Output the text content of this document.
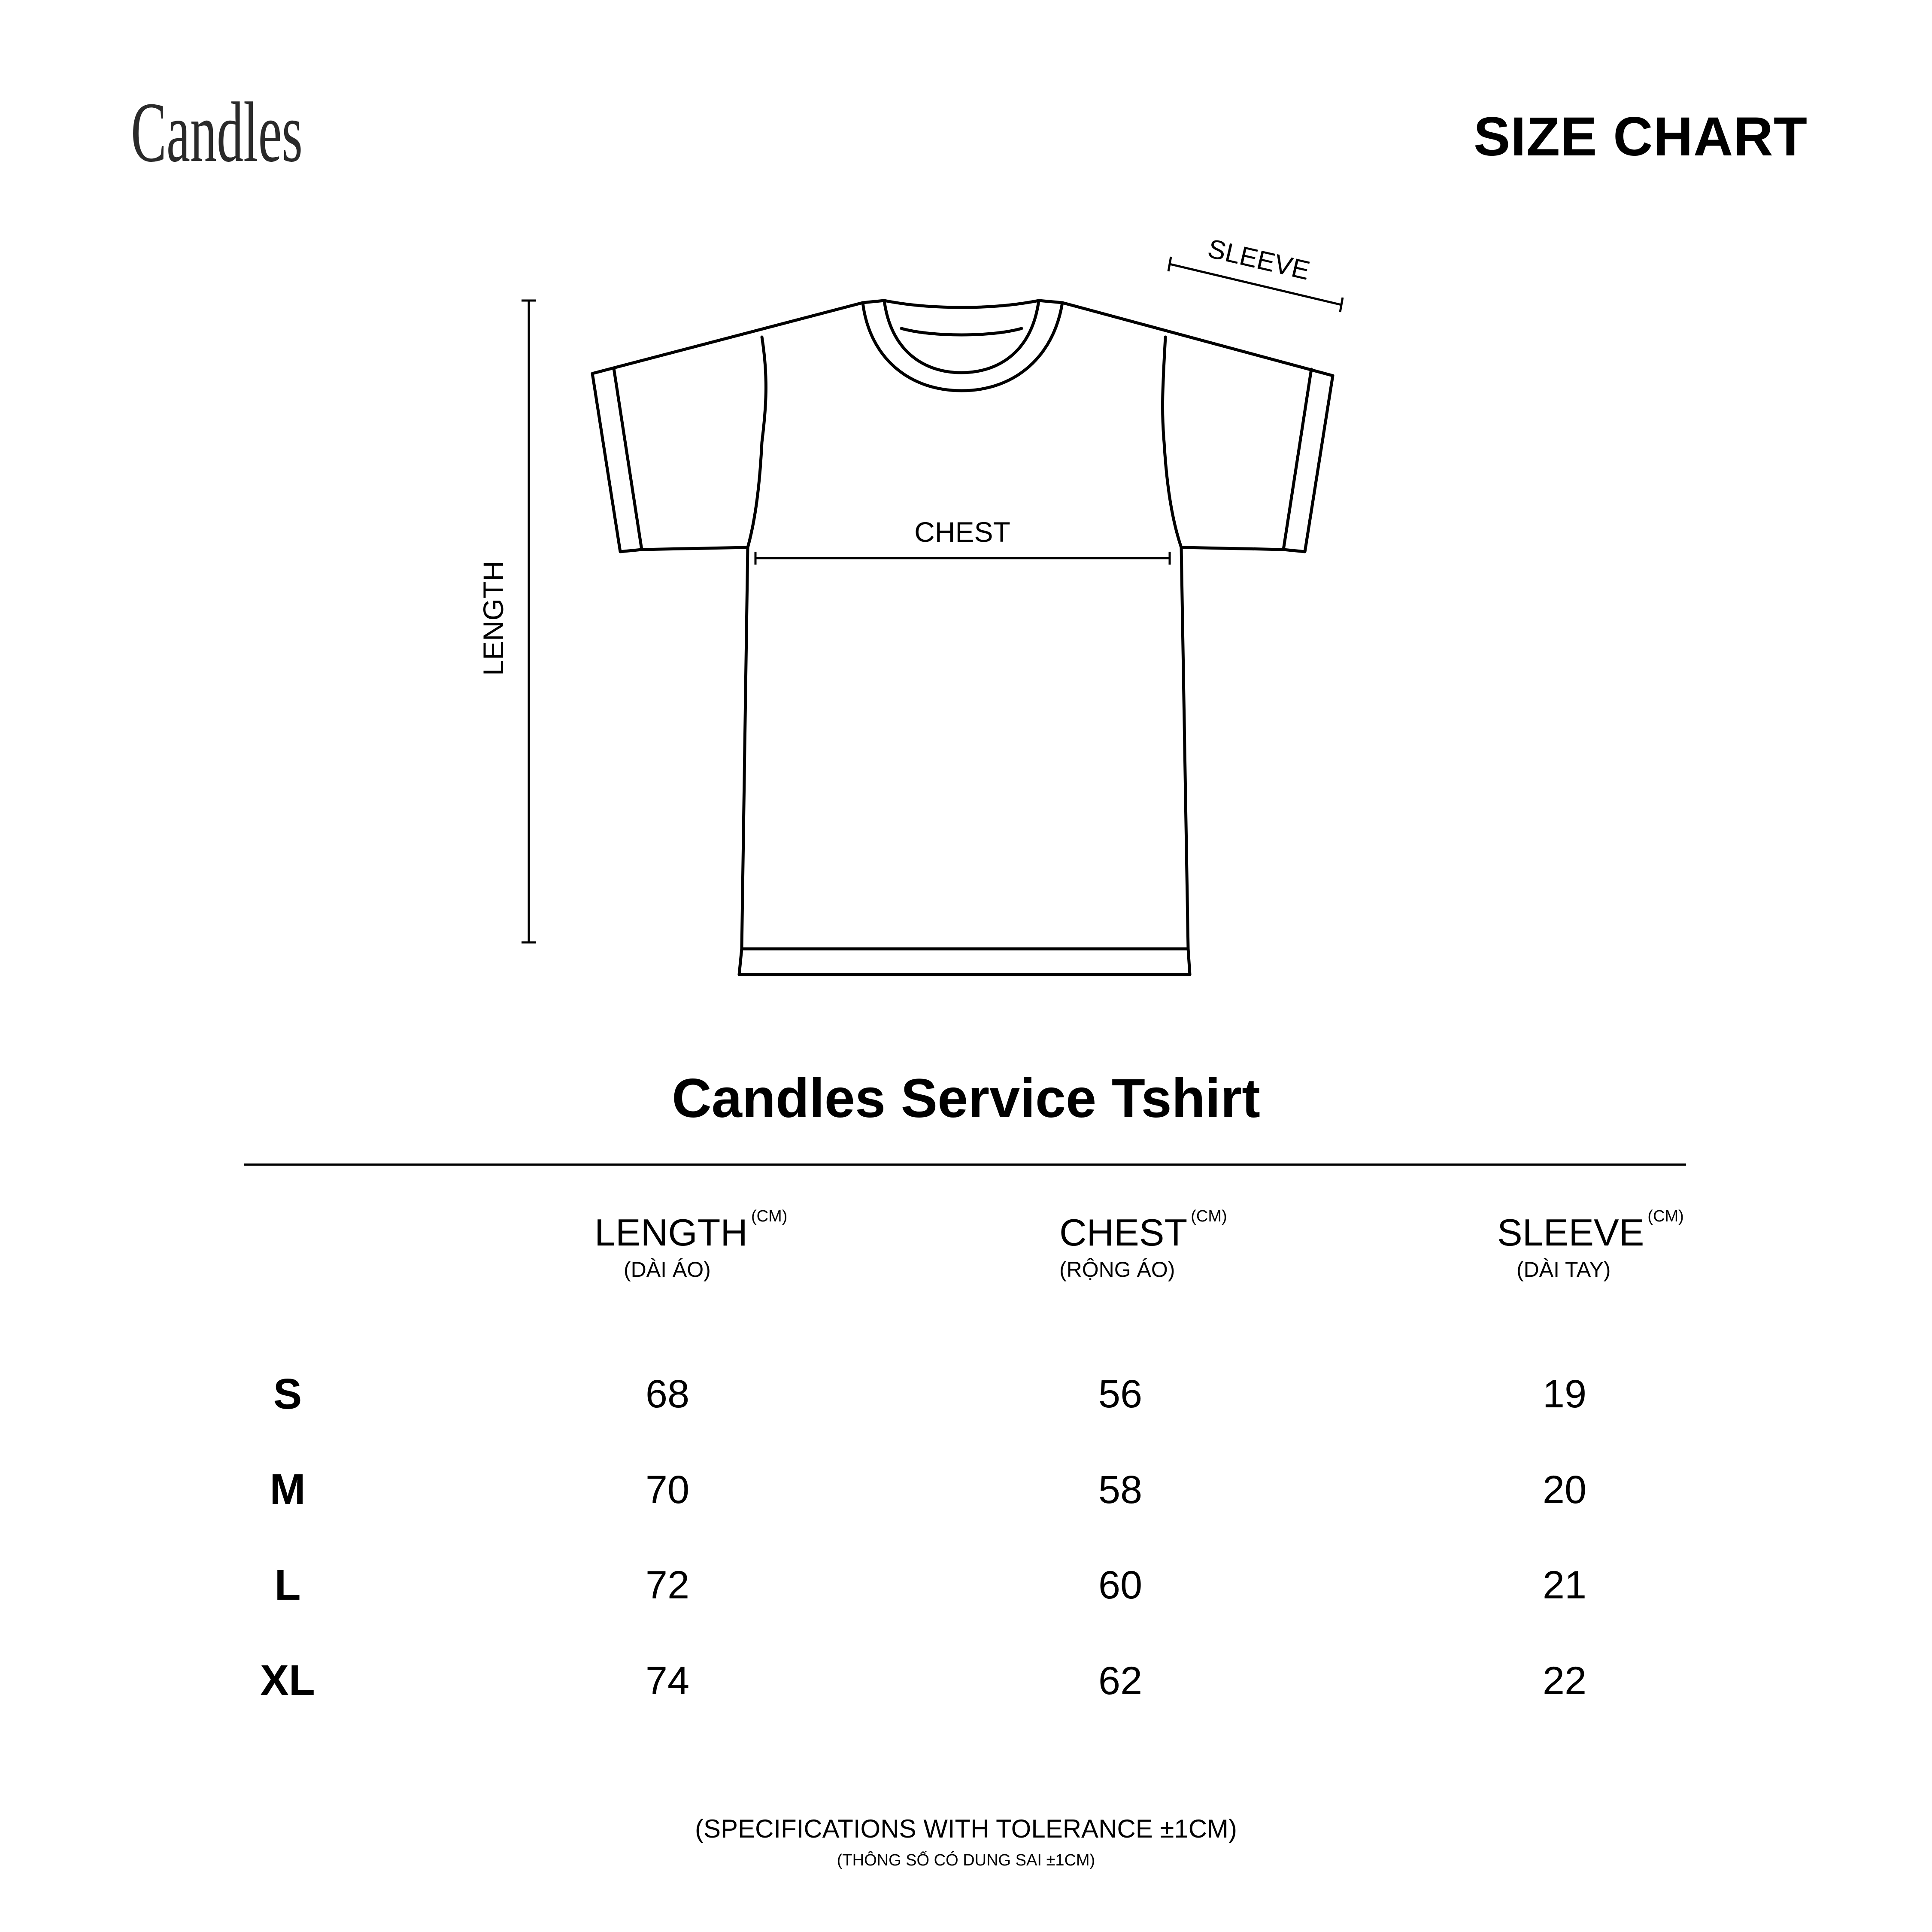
Candles	SIZE CHART
LENGTH
CHEST
SLEEVE
Candles Service Tshirt
LENGTH (CM)
(DÀI ÁO)
CHEST (CM)
(RỘNG ÁO)
SLEEVE (CM)
(DÀI TAY)
S	68	56	19
M	70	58	20
L	72	60	21
XL	74	62	22
(SPECIFICATIONS WITH TOLERANCE ±1CM)
(THÔNG SỐ CÓ DUNG SAI ±1CM)
